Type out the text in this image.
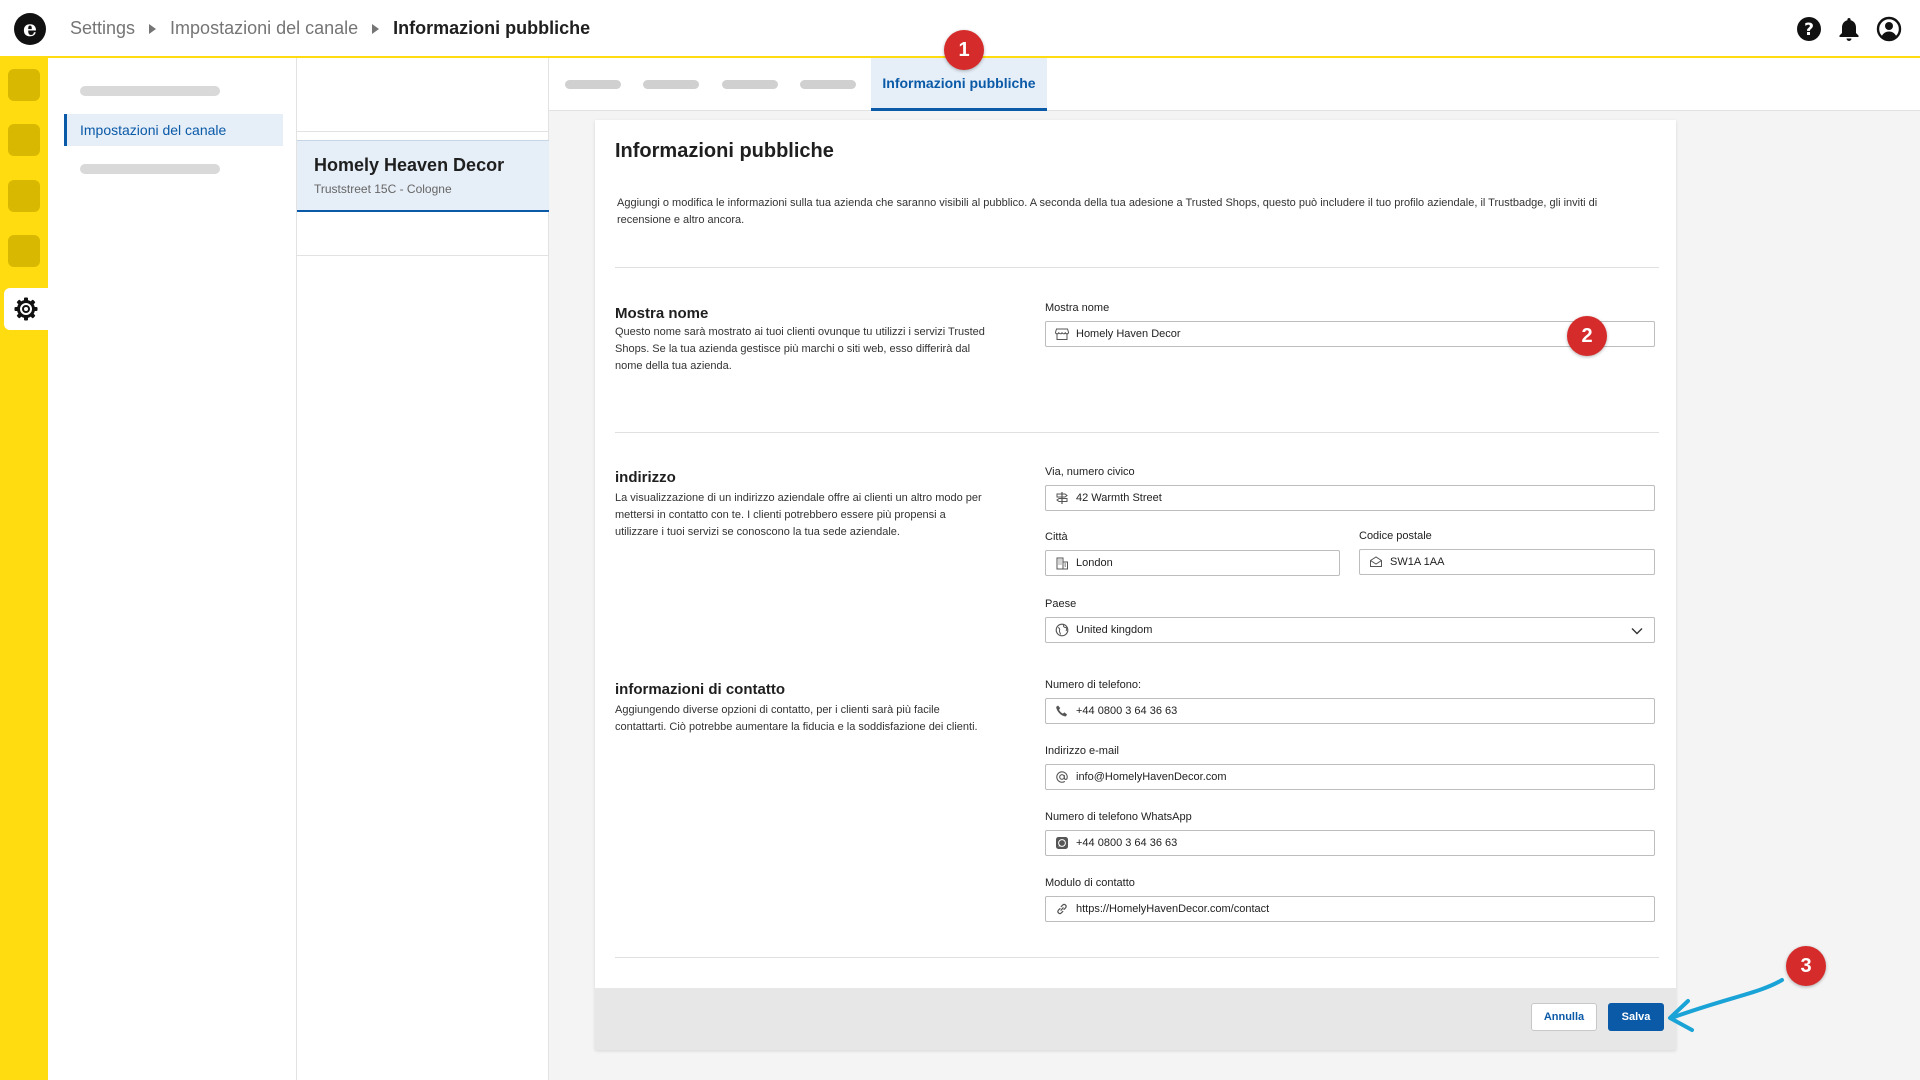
e	Settings Impostazioni del canale Informazioni pubbliche	?
Impostazioni del canale
Homely Heaven Decor
Truststreet 15C - Cologne
Informazioni pubbliche
Informazioni pubbliche
Aggiungi o modifica le informazioni sulla tua azienda che saranno visibili al pubblico. A seconda della tua adesione a Trusted Shops, questo può includere il tuo profilo aziendale, il Trustbadge, gli inviti di recensione e altro ancora.
Mostra nome
Questo nome sarà mostrato ai tuoi clienti ovunque tu utilizzi i servizi Trusted Shops. Se la tua azienda gestisce più marchi o siti web, esso differirà dal nome della tua azienda.
Mostra nome
Homely Haven Decor
indirizzo
La visualizzazione di un indirizzo aziendale offre ai clienti un altro modo per mettersi in contatto con te. I clienti potrebbero essere più propensi a utilizzare i tuoi servizi se conoscono la tua sede aziendale.
Via, numero civico
42 Warmth Street
Città
London
Codice postale
SW1A 1AA
Paese
United kingdom
informazioni di contatto
Aggiungendo diverse opzioni di contatto, per i clienti sarà più facile contattarti. Ciò potrebbe aumentare la fiducia e la soddisfazione dei clienti.
Numero di telefono:
+44 0800 3 64 36 63
Indirizzo e-mail
info@HomelyHavenDecor.com
Numero di telefono WhatsApp
+44 0800 3 64 36 63
Modulo di contatto
https://HomelyHavenDecor.com/contact
Annulla	Salva
1
2
3
